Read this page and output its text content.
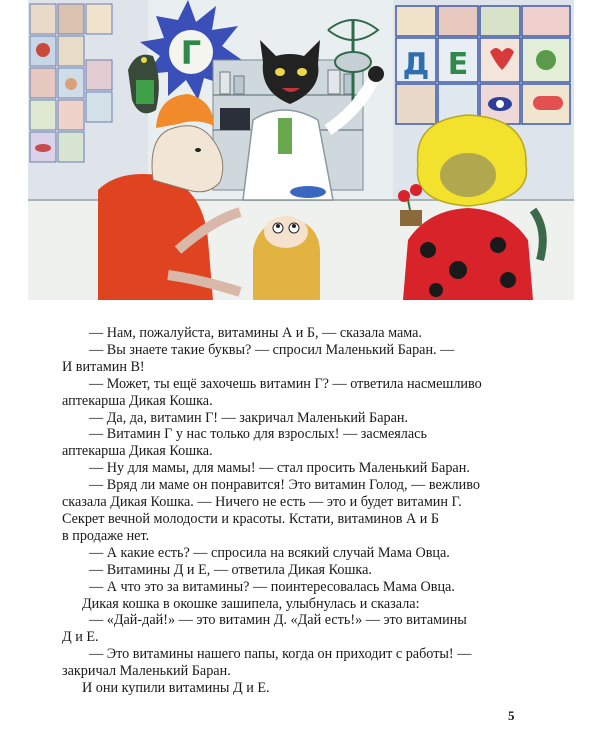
Г	Д Е

— Нам, пожалуйста, витамины А и Б, — сказала мама.

— Вы знаете такие буквы? — спросил Маленький Баран. —

И витамин В!

— Может, ты ещё захочешь витамин Г? — ответила насмешливо

аптекарша Дикая Кошка.

— Да, да, витамин Г! — закричал Маленький Баран.

— Витамин Г у нас только для взрослых! — засмеялась

аптекарша Дикая Кошка.

— Ну для мамы, для мамы! — стал просить Маленький Баран.

— Вряд ли маме он понравится! Это витамин Голод, — вежливо

сказала Дикая Кошка. — Ничего не есть — это и будет витамин Г.

Секрет вечной молодости и красоты. Кстати, витаминов А и Б

в продаже нет.

— А какие есть? — спросила на всякий случай Мама Овца.

— Витамины Д и Е, — ответила Дикая Кошка.

— А что это за витамины? — поинтересовалась Мама Овца.

Дикая кошка в окошке зашипела, улыбнулась и сказала:

— «Дай-дай!» — это витамин Д. «Дай есть!» — это витамины

Д и Е.

— Это витамины нашего папы, когда он приходит с работы! —

закричал Маленький Баран.

И они купили витамины Д и Е.

5
